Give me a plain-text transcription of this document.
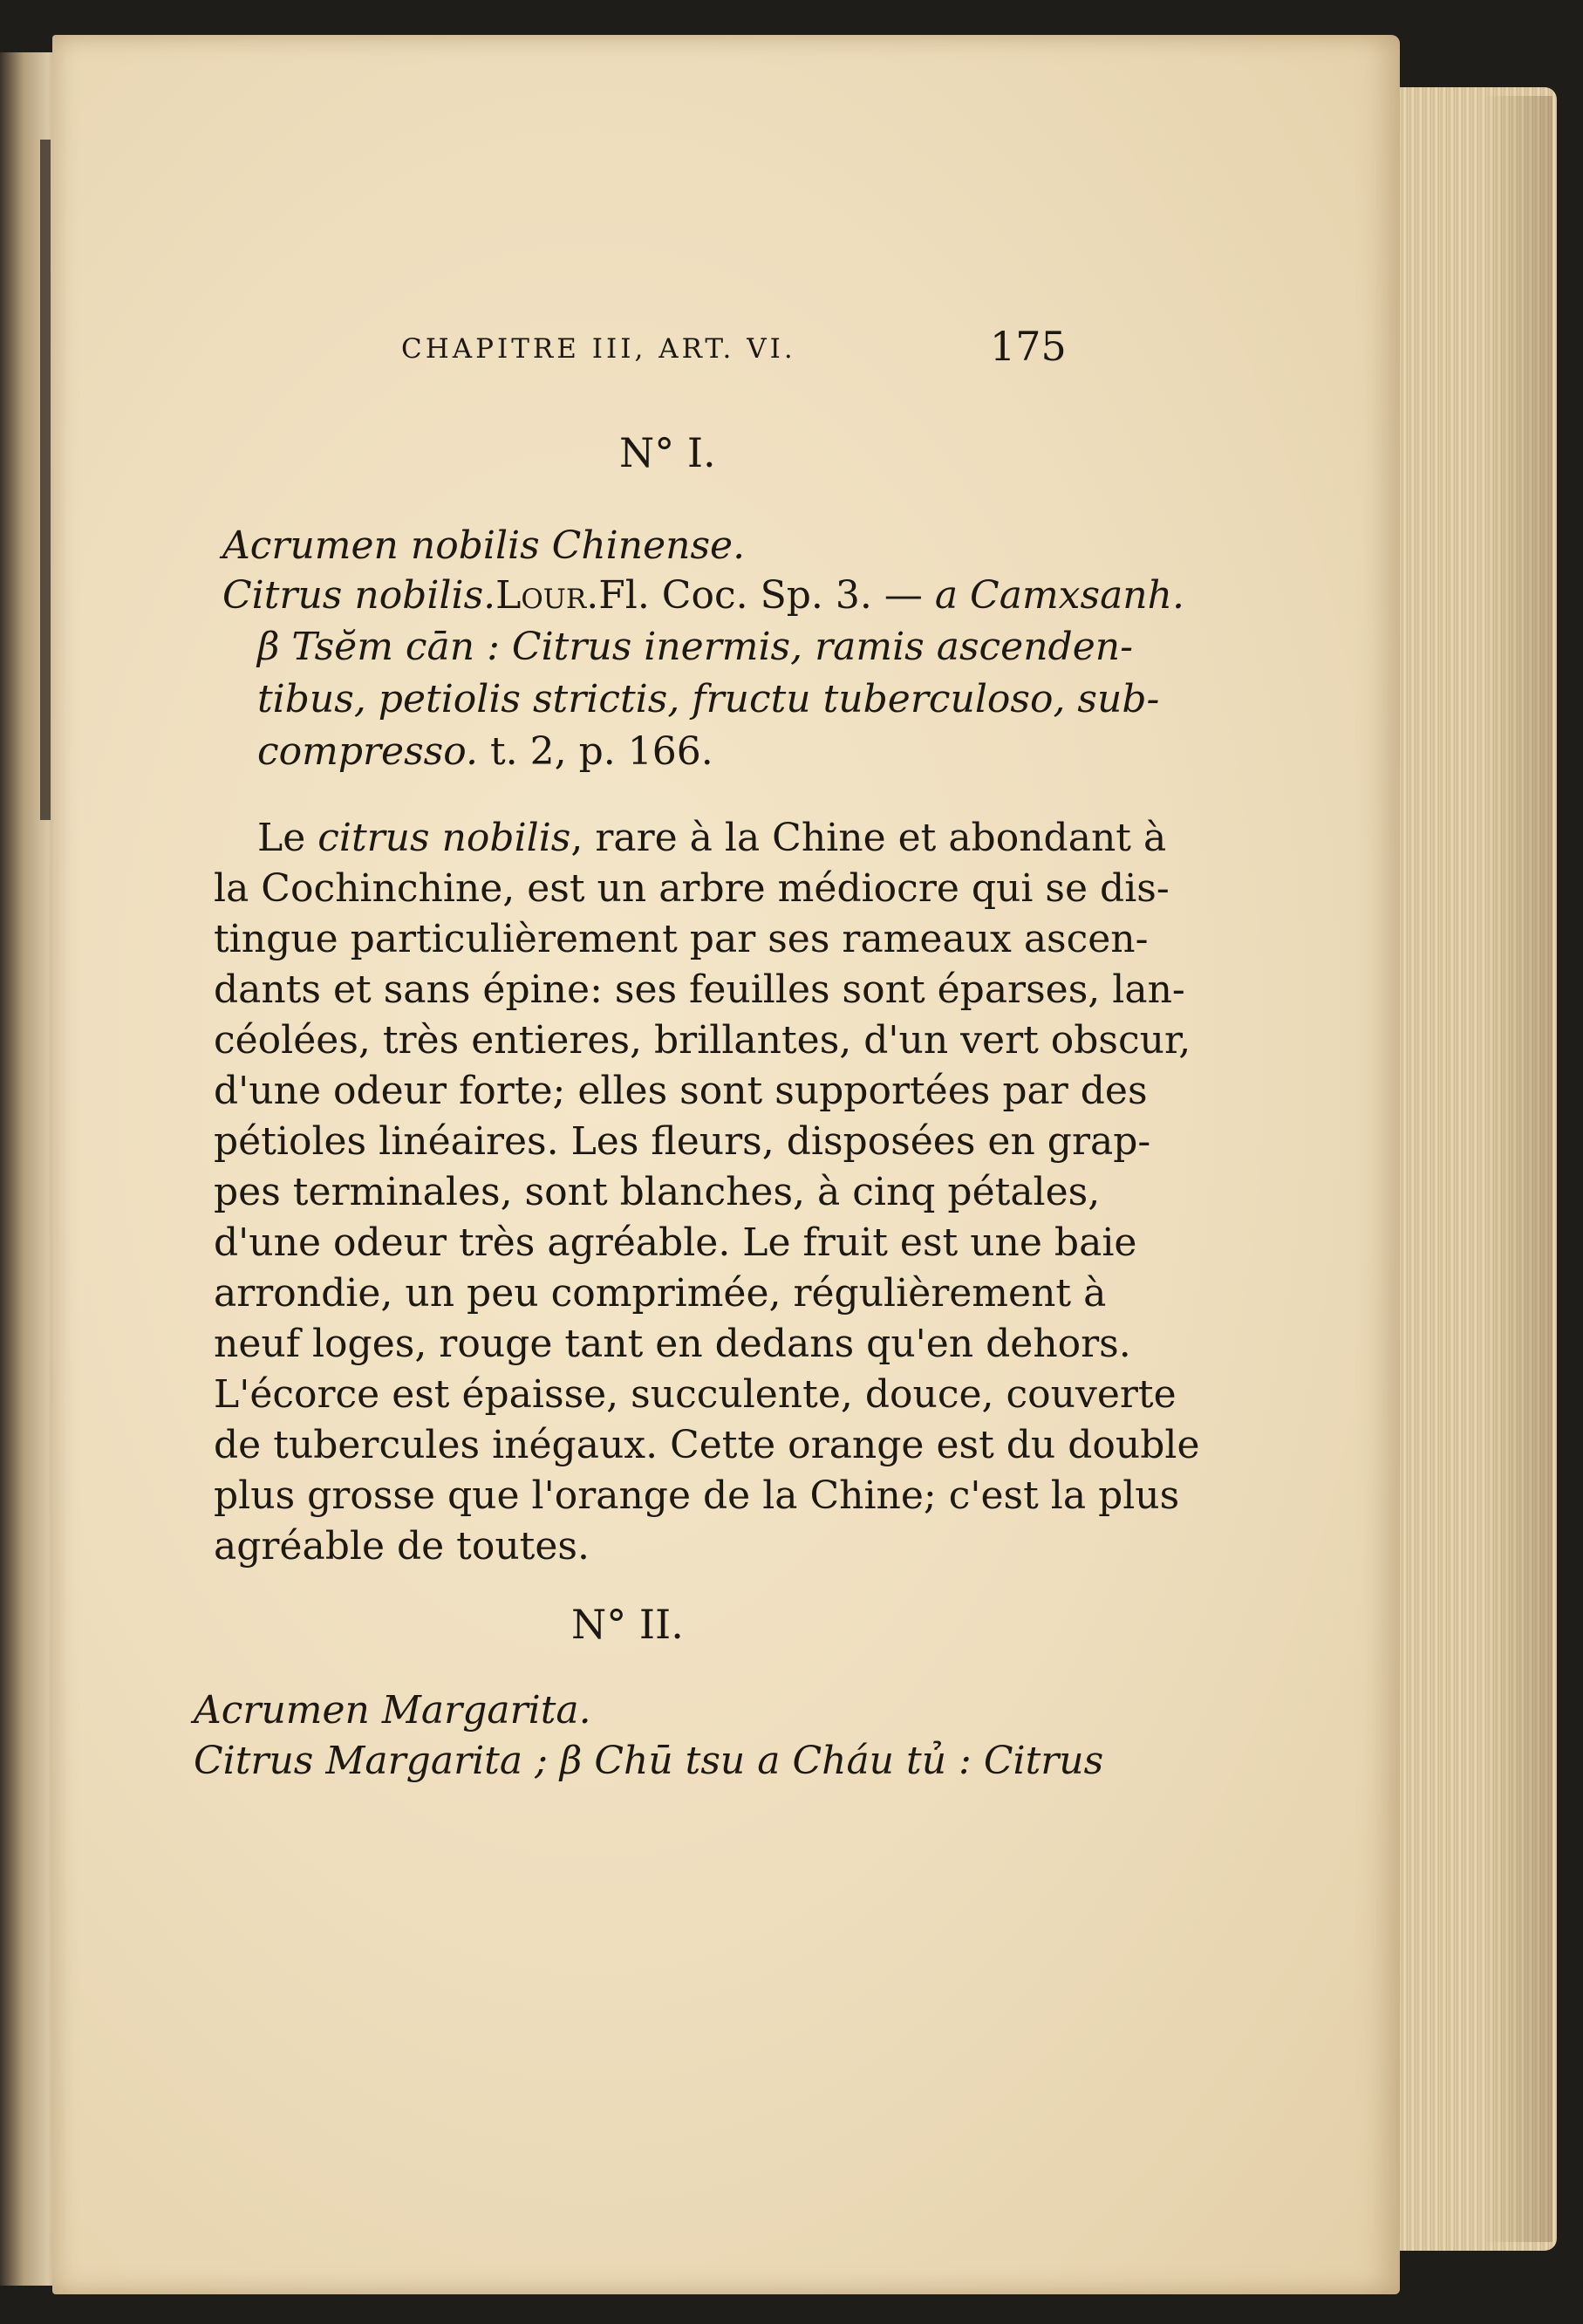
CHAPITRE III, ART. VI.	175
N° I.
Acrumen nobilis Chinense.
Citrus nobilis.Lour.Fl. Coc. Sp. 3. — a Camxsanh.
β Tsĕm cān : Citrus inermis, ramis ascenden-
tibus, petiolis strictis, fructu tuberculoso, sub-
compresso. t. 2, p. 166.
Le citrus nobilis, rare à la Chine et abondant à
la Cochinchine, est un arbre médiocre qui se dis-
tingue particulièrement par ses rameaux ascen-
dants et sans épine: ses feuilles sont éparses, lan-
céolées, très entieres, brillantes, d'un vert obscur,
d'une odeur forte; elles sont supportées par des
pétioles linéaires. Les fleurs, disposées en grap-
pes terminales, sont blanches, à cinq pétales,
d'une odeur très agréable. Le fruit est une baie
arrondie, un peu comprimée, régulièrement à
neuf loges, rouge tant en dedans qu'en dehors.
L'écorce est épaisse, succulente, douce, couverte
de tubercules inégaux. Cette orange est du double
plus grosse que l'orange de la Chine; c'est la plus
agréable de toutes.
N° II.
Acrumen Margarita.
Citrus Margarita ; β Chū tsu a Cháu tủ : Citrus
